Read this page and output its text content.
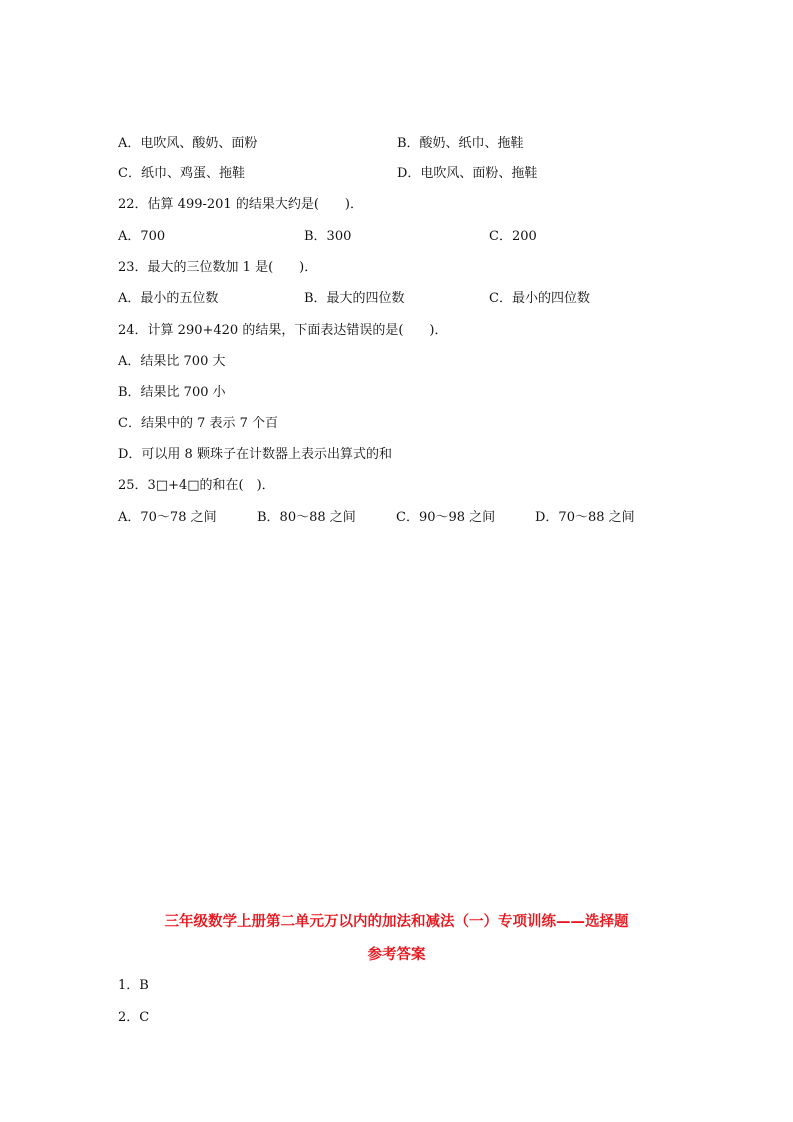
A．电吹风、酸奶、面粉	B．酸奶、纸巾、拖鞋
C．纸巾、鸡蛋、拖鞋	D．电吹风、面粉、拖鞋
22．估算 499-201 的结果大约是(　　)．
A．700	B．300	C．200
23．最大的三位数加 1 是(　　)．
A．最小的五位数	B．最大的四位数	C．最小的四位数
24．计算 290+420 的结果，下面表达错误的是(　　)．
A．结果比 700 大
B．结果比 700 小
C．结果中的 7 表示 7 个百
D．可以用 8 颗珠子在计数器上表示出算式的和
25．3□+4□的和在(　)．
A．70～78 之间	B．80～88 之间	C．90～98 之间	D．70～88 之间
三年级数学上册第二单元万以内的加法和减法（一）专项训练——选择题
参考答案
1．B
2．C
